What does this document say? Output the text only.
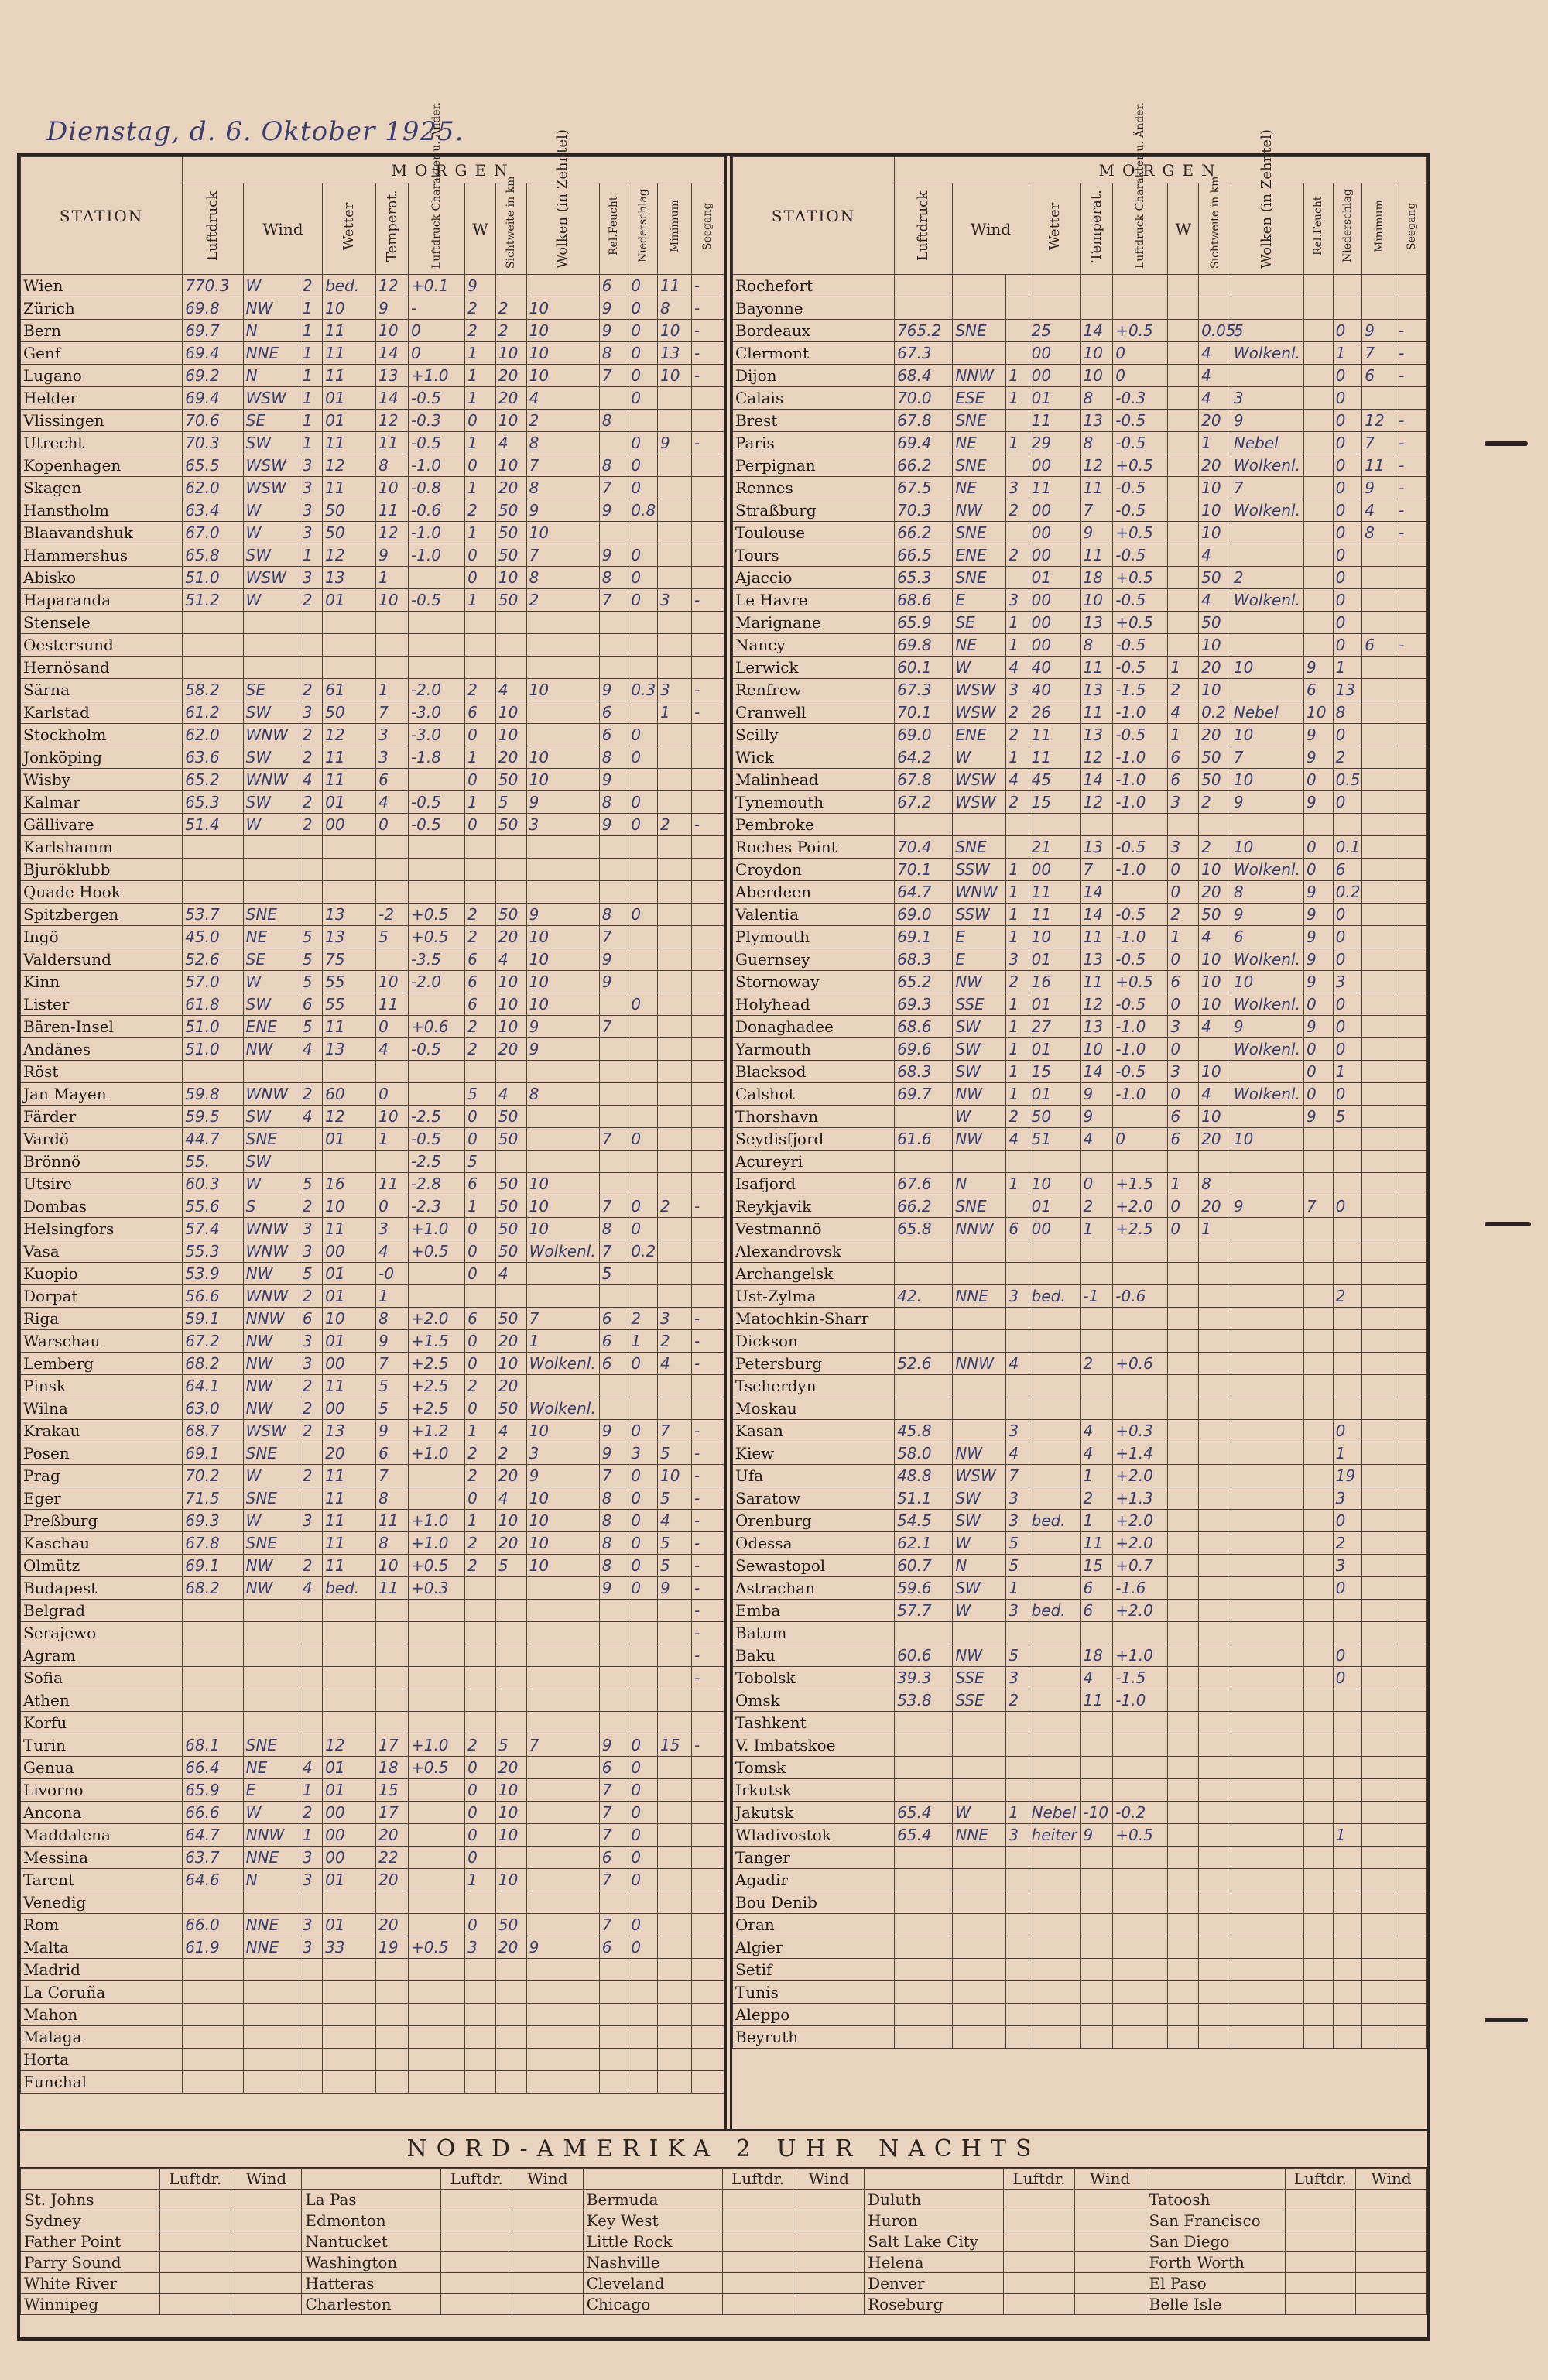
Dienstag, d. 6. Oktober 1925.
STATION	MORGEN												
	Luftdruck	Wind		Wetter	Temperat.	Luftdruck Charakter u. Änder.	W	Sichtweite in km	Wolken (in Zehntel)	Rel.Feucht	Niederschlag	Minimum	Seegang
Wien	770.3	W	2	bed.	12	+0.1	9			6	0	11	-
Zürich	69.8	NW	1	10	9	-	2	2	10	9	0	8	-
Bern	69.7	N	1	11	10	0	2	2	10	9	0	10	-
Genf	69.4	NNE	1	11	14	0	1	10	10	8	0	13	-
Lugano	69.2	N	1	11	13	+1.0	1	20	10	7	0	10	-
Helder	69.4	WSW	1	01	14	-0.5	1	20	4		0		
Vlissingen	70.6	SE	1	01	12	-0.3	0	10	2	8			
Utrecht	70.3	SW	1	11	11	-0.5	1	4	8		0	9	-
Kopenhagen	65.5	WSW	3	12	8	-1.0	0	10	7	8	0		
Skagen	62.0	WSW	3	11	10	-0.8	1	20	8	7	0		
Hanstholm	63.4	W	3	50	11	-0.6	2	50	9	9	0.8		
Blaavandshuk	67.0	W	3	50	12	-1.0	1	50	10				
Hammershus	65.8	SW	1	12	9	-1.0	0	50	7	9	0		
Abisko	51.0	WSW	3	13	1		0	10	8	8	0		
Haparanda	51.2	W	2	01	10	-0.5	1	50	2	7	0	3	-
Stensele													
Oestersund													
Hernösand													
Särna	58.2	SE	2	61	1	-2.0	2	4	10	9	0.3	3	-
Karlstad	61.2	SW	3	50	7	-3.0	6	10		6		1	-
Stockholm	62.0	WNW	2	12	3	-3.0	0	10		6	0		
Jonköping	63.6	SW	2	11	3	-1.8	1	20	10	8	0		
Wisby	65.2	WNW	4	11	6		0	50	10	9			
Kalmar	65.3	SW	2	01	4	-0.5	1	5	9	8	0		
Gällivare	51.4	W	2	00	0	-0.5	0	50	3	9	0	2	-
Karlshamm													
Bjuröklubb													
Quade Hook													
Spitzbergen	53.7	SNE		13	-2	+0.5	2	50	9	8	0		
Ingö	45.0	NE	5	13	5	+0.5	2	20	10	7			
Valdersund	52.6	SE	5	75		-3.5	6	4	10	9			
Kinn	57.0	W	5	55	10	-2.0	6	10	10	9			
Lister	61.8	SW	6	55	11		6	10	10		0		
Bären-Insel	51.0	ENE	5	11	0	+0.6	2	10	9	7			
Andänes	51.0	NW	4	13	4	-0.5	2	20	9				
Röst													
Jan Mayen	59.8	WNW	2	60	0		5	4	8				
Färder	59.5	SW	4	12	10	-2.5	0	50					
Vardö	44.7	SNE		01	1	-0.5	0	50		7	0		
Brönnö	55.	SW				-2.5	5						
Utsire	60.3	W	5	16	11	-2.8	6	50	10				
Dombas	55.6	S	2	10	0	-2.3	1	50	10	7	0	2	-
Helsingfors	57.4	WNW	3	11	3	+1.0	0	50	10	8	0		
Vasa	55.3	WNW	3	00	4	+0.5	0	50	Wolkenl.	7	0.2		
Kuopio	53.9	NW	5	01	-0		0	4		5			
Dorpat	56.6	WNW	2	01	1								
Riga	59.1	NNW	6	10	8	+2.0	6	50	7	6	2	3	-
Warschau	67.2	NW	3	01	9	+1.5	0	20	1	6	1	2	-
Lemberg	68.2	NW	3	00	7	+2.5	0	10	Wolkenl.	6	0	4	-
Pinsk	64.1	NW	2	11	5	+2.5	2	20					
Wilna	63.0	NW	2	00	5	+2.5	0	50	Wolkenl.				
Krakau	68.7	WSW	2	13	9	+1.2	1	4	10	9	0	7	-
Posen	69.1	SNE		20	6	+1.0	2	2	3	9	3	5	-
Prag	70.2	W	2	11	7		2	20	9	7	0	10	-
Eger	71.5	SNE		11	8		0	4	10	8	0	5	-
Preßburg	69.3	W	3	11	11	+1.0	1	10	10	8	0	4	-
Kaschau	67.8	SNE		11	8	+1.0	2	20	10	8	0	5	-
Olmütz	69.1	NW	2	11	10	+0.5	2	5	10	8	0	5	-
Budapest	68.2	NW	4	bed.	11	+0.3				9	0	9	-
Belgrad													-
Serajewo													-
Agram													-
Sofia													-
Athen													
Korfu													
Turin	68.1	SNE		12	17	+1.0	2	5	7	9	0	15	-
Genua	66.4	NE	4	01	18	+0.5	0	20		6	0		
Livorno	65.9	E	1	01	15		0	10		7	0		
Ancona	66.6	W	2	00	17		0	10		7	0		
Maddalena	64.7	NNW	1	00	20		0	10		7	0		
Messina	63.7	NNE	3	00	22		0			6	0		
Tarent	64.6	N	3	01	20		1	10		7	0		
Venedig													
Rom	66.0	NNE	3	01	20		0	50		7	0		
Malta	61.9	NNE	3	33	19	+0.5	3	20	9	6	0		
Madrid													
La Coruña													
Mahon													
Malaga													
Horta													
Funchal													
STATION	MORGEN												
	Luftdruck	Wind		Wetter	Temperat.	Luftdruck Charakter u. Änder.	W	Sichtweite in km	Wolken (in Zehntel)	Rel.Feucht	Niederschlag	Minimum	Seegang
Rochefort													
Bayonne													
Bordeaux	765.2	SNE		25	14	+0.5		0.05	5		0	9	-
Clermont	67.3			00	10	0		4	Wolkenl.		1	7	-
Dijon	68.4	NNW	1	00	10	0		4			0	6	-
Calais	70.0	ESE	1	01	8	-0.3		4	3		0		
Brest	67.8	SNE		11	13	-0.5		20	9		0	12	-
Paris	69.4	NE	1	29	8	-0.5		1	Nebel		0	7	-
Perpignan	66.2	SNE		00	12	+0.5		20	Wolkenl.		0	11	-
Rennes	67.5	NE	3	11	11	-0.5		10	7		0	9	-
Straßburg	70.3	NW	2	00	7	-0.5		10	Wolkenl.		0	4	-
Toulouse	66.2	SNE		00	9	+0.5		10			0	8	-
Tours	66.5	ENE	2	00	11	-0.5		4			0		
Ajaccio	65.3	SNE		01	18	+0.5		50	2		0		
Le Havre	68.6	E	3	00	10	-0.5		4	Wolkenl.		0		
Marignane	65.9	SE	1	00	13	+0.5		50			0		
Nancy	69.8	NE	1	00	8	-0.5		10			0	6	-
Lerwick	60.1	W	4	40	11	-0.5	1	20	10	9	1		
Renfrew	67.3	WSW	3	40	13	-1.5	2	10		6	13		
Cranwell	70.1	WSW	2	26	11	-1.0	4	0.2	Nebel	10	8		
Scilly	69.0	ENE	2	11	13	-0.5	1	20	10	9	0		
Wick	64.2	W	1	11	12	-1.0	6	50	7	9	2		
Malinhead	67.8	WSW	4	45	14	-1.0	6	50	10	0	0.5		
Tynemouth	67.2	WSW	2	15	12	-1.0	3	2	9	9	0		
Pembroke													
Roches Point	70.4	SNE		21	13	-0.5	3	2	10	0	0.1		
Croydon	70.1	SSW	1	00	7	-1.0	0	10	Wolkenl.	0	6		
Aberdeen	64.7	WNW	1	11	14		0	20	8	9	0.2		
Valentia	69.0	SSW	1	11	14	-0.5	2	50	9	9	0		
Plymouth	69.1	E	1	10	11	-1.0	1	4	6	9	0		
Guernsey	68.3	E	3	01	13	-0.5	0	10	Wolkenl.	9	0		
Stornoway	65.2	NW	2	16	11	+0.5	6	10	10	9	3		
Holyhead	69.3	SSE	1	01	12	-0.5	0	10	Wolkenl.	0	0		
Donaghadee	68.6	SW	1	27	13	-1.0	3	4	9	9	0		
Yarmouth	69.6	SW	1	01	10	-1.0	0		Wolkenl.	0	0		
Blacksod	68.3	SW	1	15	14	-0.5	3	10		0	1		
Calshot	69.7	NW	1	01	9	-1.0	0	4	Wolkenl.	0	0		
Thorshavn		W	2	50	9		6	10		9	5		
Seydisfjord	61.6	NW	4	51	4	0	6	20	10				
Acureyri													
Isafjord	67.6	N	1	10	0	+1.5	1	8					
Reykjavik	66.2	SNE		01	2	+2.0	0	20	9	7	0		
Vestmannö	65.8	NNW	6	00	1	+2.5	0	1					
Alexandrovsk													
Archangelsk													
Ust-Zylma	42.	NNE	3	bed.	-1	-0.6					2		
Matochkin-Sharr													
Dickson													
Petersburg	52.6	NNW	4		2	+0.6							
Tscherdyn													
Moskau													
Kasan	45.8		3		4	+0.3					0		
Kiew	58.0	NW	4		4	+1.4					1		
Ufa	48.8	WSW	7		1	+2.0					19		
Saratow	51.1	SW	3		2	+1.3					3		
Orenburg	54.5	SW	3	bed.	1	+2.0					0		
Odessa	62.1	W	5		11	+2.0					2		
Sewastopol	60.7	N	5		15	+0.7					3		
Astrachan	59.6	SW	1		6	-1.6					0		
Emba	57.7	W	3	bed.	6	+2.0							
Batum													
Baku	60.6	NW	5		18	+1.0					0		
Tobolsk	39.3	SSE	3		4	-1.5					0		
Omsk	53.8	SSE	2		11	-1.0							
Tashkent													
V. Imbatskoe													
Tomsk													
Irkutsk													
Jakutsk	65.4	W	1	Nebel	-10	-0.2							
Wladivostok	65.4	NNE	3	heiter	9	+0.5					1		
Tanger													
Agadir													
Bou Denib													
Oran													
Algier													
Setif													
Tunis													
Aleppo													
Beyruth													
NORD-AMERIKA 2 UHR NACHTS
	Luftdr.	Wind		Luftdr.	Wind		Luftdr.	Wind		Luftdr.	Wind		Luftdr.	Wind
St. Johns			La Pas			Bermuda			Duluth			Tatoosh		
Sydney			Edmonton			Key West			Huron			San Francisco		
Father Point			Nantucket			Little Rock			Salt Lake City			San Diego		
Parry Sound			Washington			Nashville			Helena			Forth Worth		
White River			Hatteras			Cleveland			Denver			El Paso		
Winnipeg			Charleston			Chicago			Roseburg			Belle Isle		
